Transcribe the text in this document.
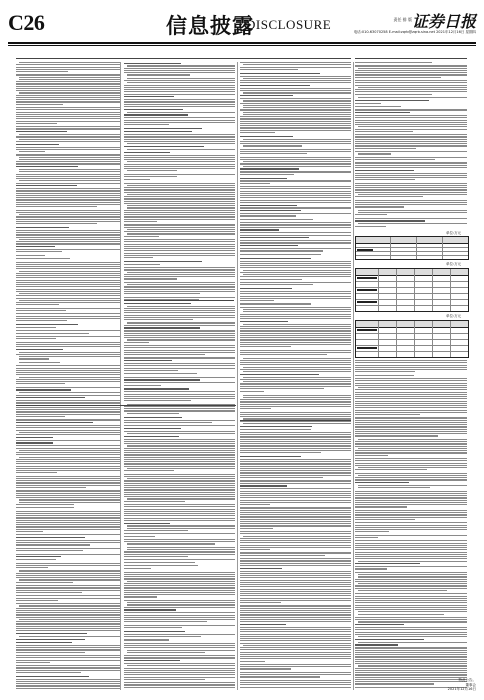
C26	信息披露
DISCLOSURE	责任 排 版 证券日报
电话:010-63070258 E-mail:zqrb@zqrb.sina.net 2021年12月16日 星期四
单位:万元
单位:万元
单位:万元
特此公告。
董事会
2021年12月16日
